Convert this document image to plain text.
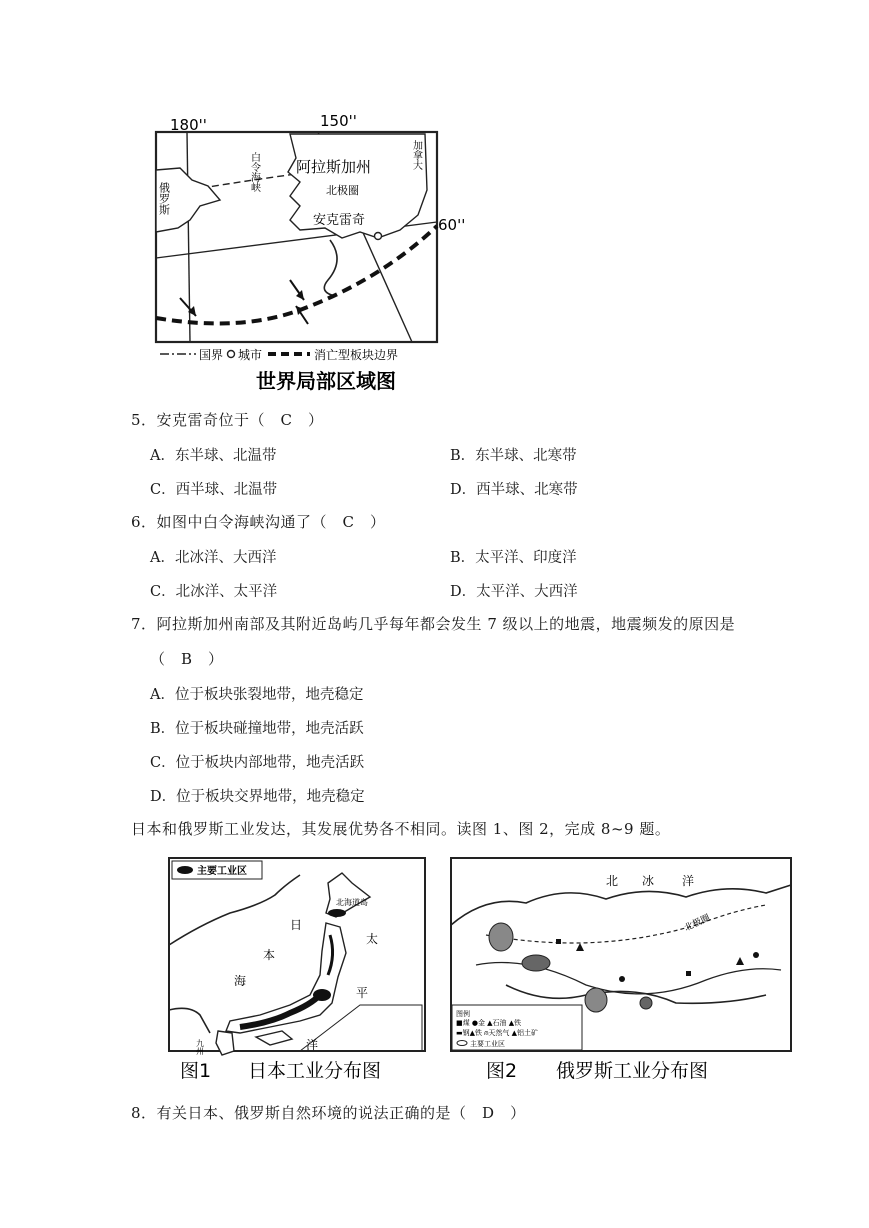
180''	150''
60''
阿拉斯加州
北极圈
安克雷奇
白令海峡
俄罗斯
加拿大
国界 城市	消亡型板块边界
世界局部区域图
5．安克雷奇位于（　C　）
A．东半球、北温带	B．东半球、北寒带
C．西半球、北温带	D．西半球、北寒带
6．如图中白令海峡沟通了（　C　）
A．北冰洋、大西洋	B．太平洋、印度洋
C．北冰洋、太平洋	D．太平洋、大西洋
7．阿拉斯加州南部及其附近岛屿几乎每年都会发生 7 级以上的地震，地震频发的原因是
（　B　）
A．位于板块张裂地带，地壳稳定
B．位于板块碰撞地带，地壳活跃
C．位于板块内部地带，地壳活跃
D．位于板块交界地带，地壳稳定
日本和俄罗斯工业发达，其发展优势各不相同。读图 1、图 2，完成 8~9 题。
主要工业区
北海道岛
日
本
海
太
平
洋
九州
图1 日本工业分布图
北 冰 洋
北极圈
图例
■煤 ●金 ▲石油 ▲铁
▬钢▲铁 ⍝天然气 ▲铝土矿
主要工业区
图2 俄罗斯工业分布图
8．有关日本、俄罗斯自然环境的说法正确的是（　D　）
